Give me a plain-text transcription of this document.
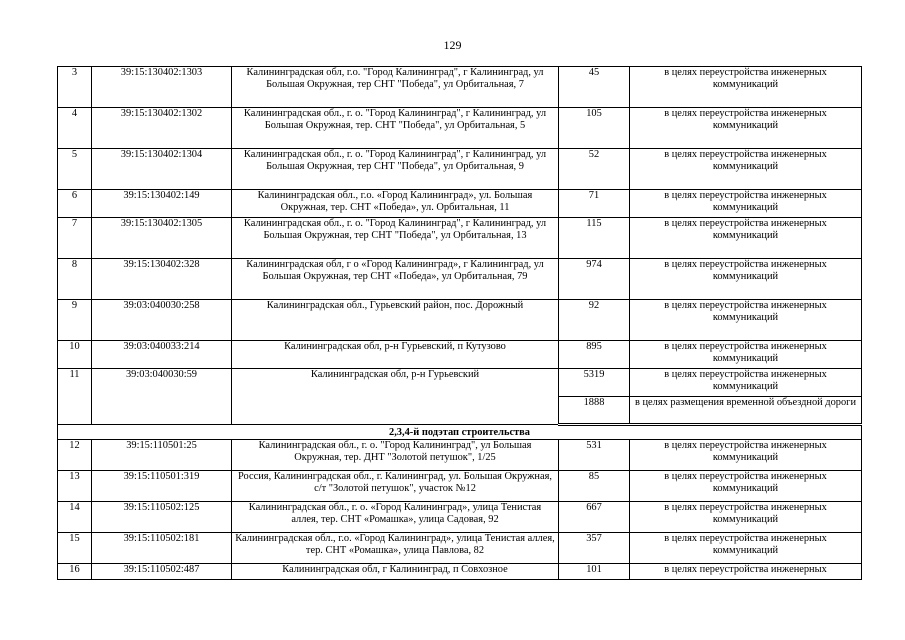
129
3	39:15:130402:1303	Калининградская обл, г.о. "Город Калининград", г Калининград, ул Большая Окружная, тер СНТ "Победа", ул Орбитальная, 7	45	в целях переустройства инженерных коммуникаций
4	39:15:130402:1302	Калининградская обл., г. о. "Город Калининград", г Калининград, ул Большая Окружная, тер. СНТ "Победа", ул Орбитальная, 5	105	в целях переустройства инженерных коммуникаций
5	39:15:130402:1304	Калининградская обл., г. о. "Город Калининград", г Калининград, ул Большая Окружная, тер СНТ "Победа", ул Орбитальная, 9	52	в целях переустройства инженерных коммуникаций
6	39:15:130402:149	Калининградская обл., г.о. «Город Калининград», ул. Большая Окружная, тер. СНТ «Победа», ул. Орбитальная, 11	71	в целях переустройства инженерных коммуникаций
7	39:15:130402:1305	Калининградская обл., г. о. "Город Калининград", г Калининград, ул Большая Окружная, тер СНТ "Победа", ул Орбитальная, 13	115	в целях переустройства инженерных коммуникаций
8	39:15:130402:328	Калининградская обл, г о «Город Калининград», г Калининград, ул Большая Окружная, тер СНТ «Победа», ул Орбитальная, 79	974	в целях переустройства инженерных коммуникаций
9	39:03:040030:258	Калининградская обл., Гурьевский район, пос. Дорожный	92	в целях переустройства инженерных коммуникаций
10	39:03:040033:214	Калининградская обл, р-н Гурьевский, п Кутузово	895	в целях переустройства инженерных коммуникаций
11	39:03:040030:59	Калининградская обл, р-н Гурьевский	5319	в целях переустройства инженерных коммуникаций
			1888	в целях размещения временной объездной дороги
2,3,4-й подэтап строительства				
12	39:15:110501:25	Калининградская обл., г. о. "Город Калининград", ул Большая Окружная, тер. ДНТ "Золотой петушок", 1/25	531	в целях переустройства инженерных коммуникаций
13	39:15:110501:319	Россия, Калининградская обл., г. Калининград, ул. Большая Окружная, с/т "Золотой петушок", участок №12	85	в целях переустройства инженерных коммуникаций
14	39:15:110502:125	Калининградская обл., г. о. «Город Калининград», улица Тенистая аллея, тер. СНТ «Ромашка», улица Садовая, 92	667	в целях переустройства инженерных коммуникаций
15	39:15:110502:181	Калининградская обл., г.о. «Город Калининград», улица Тенистая аллея, тер. СНТ «Ромашка», улица Павлова, 82	357	в целях переустройства инженерных коммуникаций
16	39:15:110502:487	Калининградская обл, г Калининград, п Совхозное	101	в целях переустройства инженерных
